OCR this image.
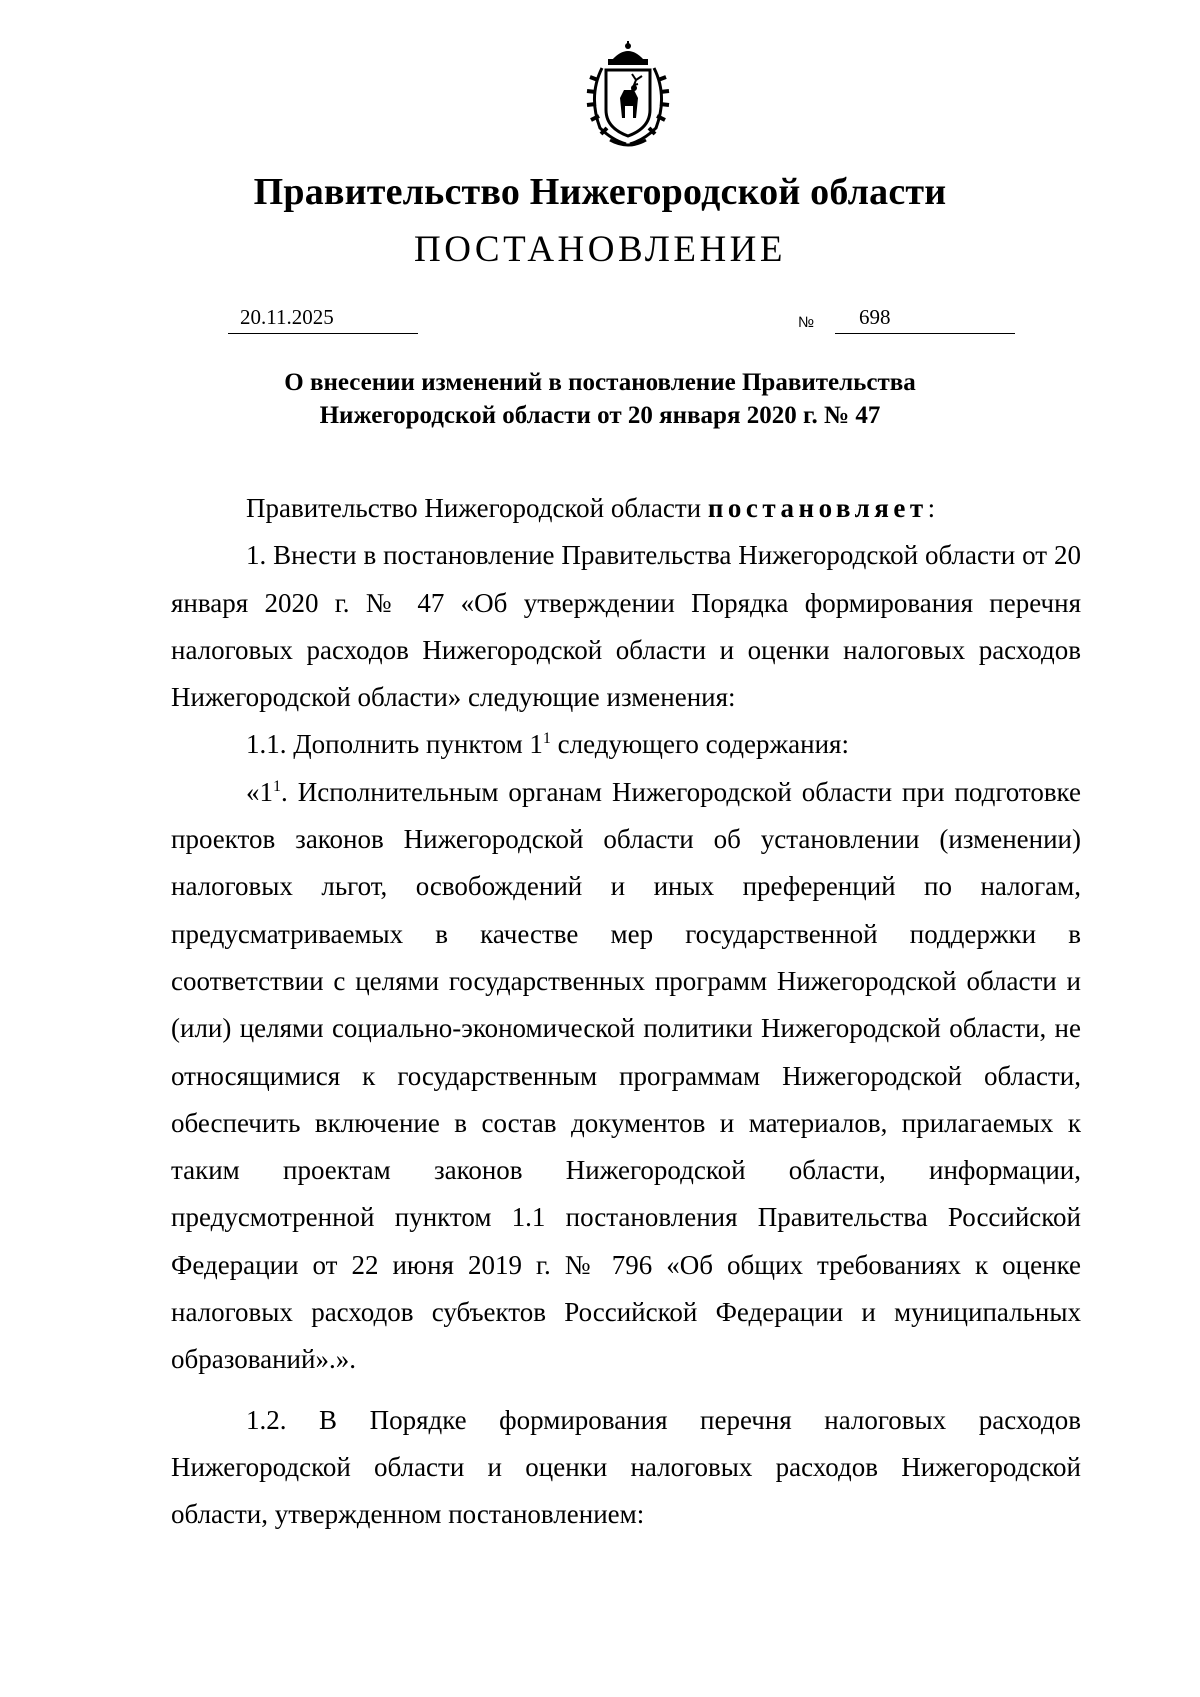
Правительство Нижегородской области
ПОСТАНОВЛЕНИЕ
20.11.2025	№ 698
О внесении изменений в постановление Правительства
Нижегородской области от 20 января 2020 г. № 47

Правительство Нижегородской области постановляет:

1. Внести в постановление Правительства Нижегородской области от 20 января 2020 г. № 47 «Об утверждении Порядка формирования перечня налоговых расходов Нижегородской области и оценки налоговых расходов Нижегородской области» следующие изменения:

1.1. Дополнить пунктом $1^1$ следующего содержания:

«$1^1$. Исполнительным органам Нижегородской области при подготовке проектов законов Нижегородской области об установлении (изменении) налоговых льгот, освобождений и иных преференций по налогам, предусматриваемых в качестве мер государственной поддержки в соответствии с целями государственных программ Нижегородской области и (или) целями социально-экономической политики Нижегородской области, не относящимися к государственным программам Нижегородской области, обеспечить включение в состав документов и материалов, прилагаемых к таким проектам законов Нижегородской области, информации, предусмотренной пунктом 1.1 постановления Правительства Российской Федерации от 22 июня 2019 г. № 796 «Об общих требованиях к оценке налоговых расходов субъектов Российской Федерации и муниципальных образований».».

1.2. В Порядке формирования перечня налоговых расходов Нижегородской области и оценки налоговых расходов Нижегородской области, утвержденном постановлением:
